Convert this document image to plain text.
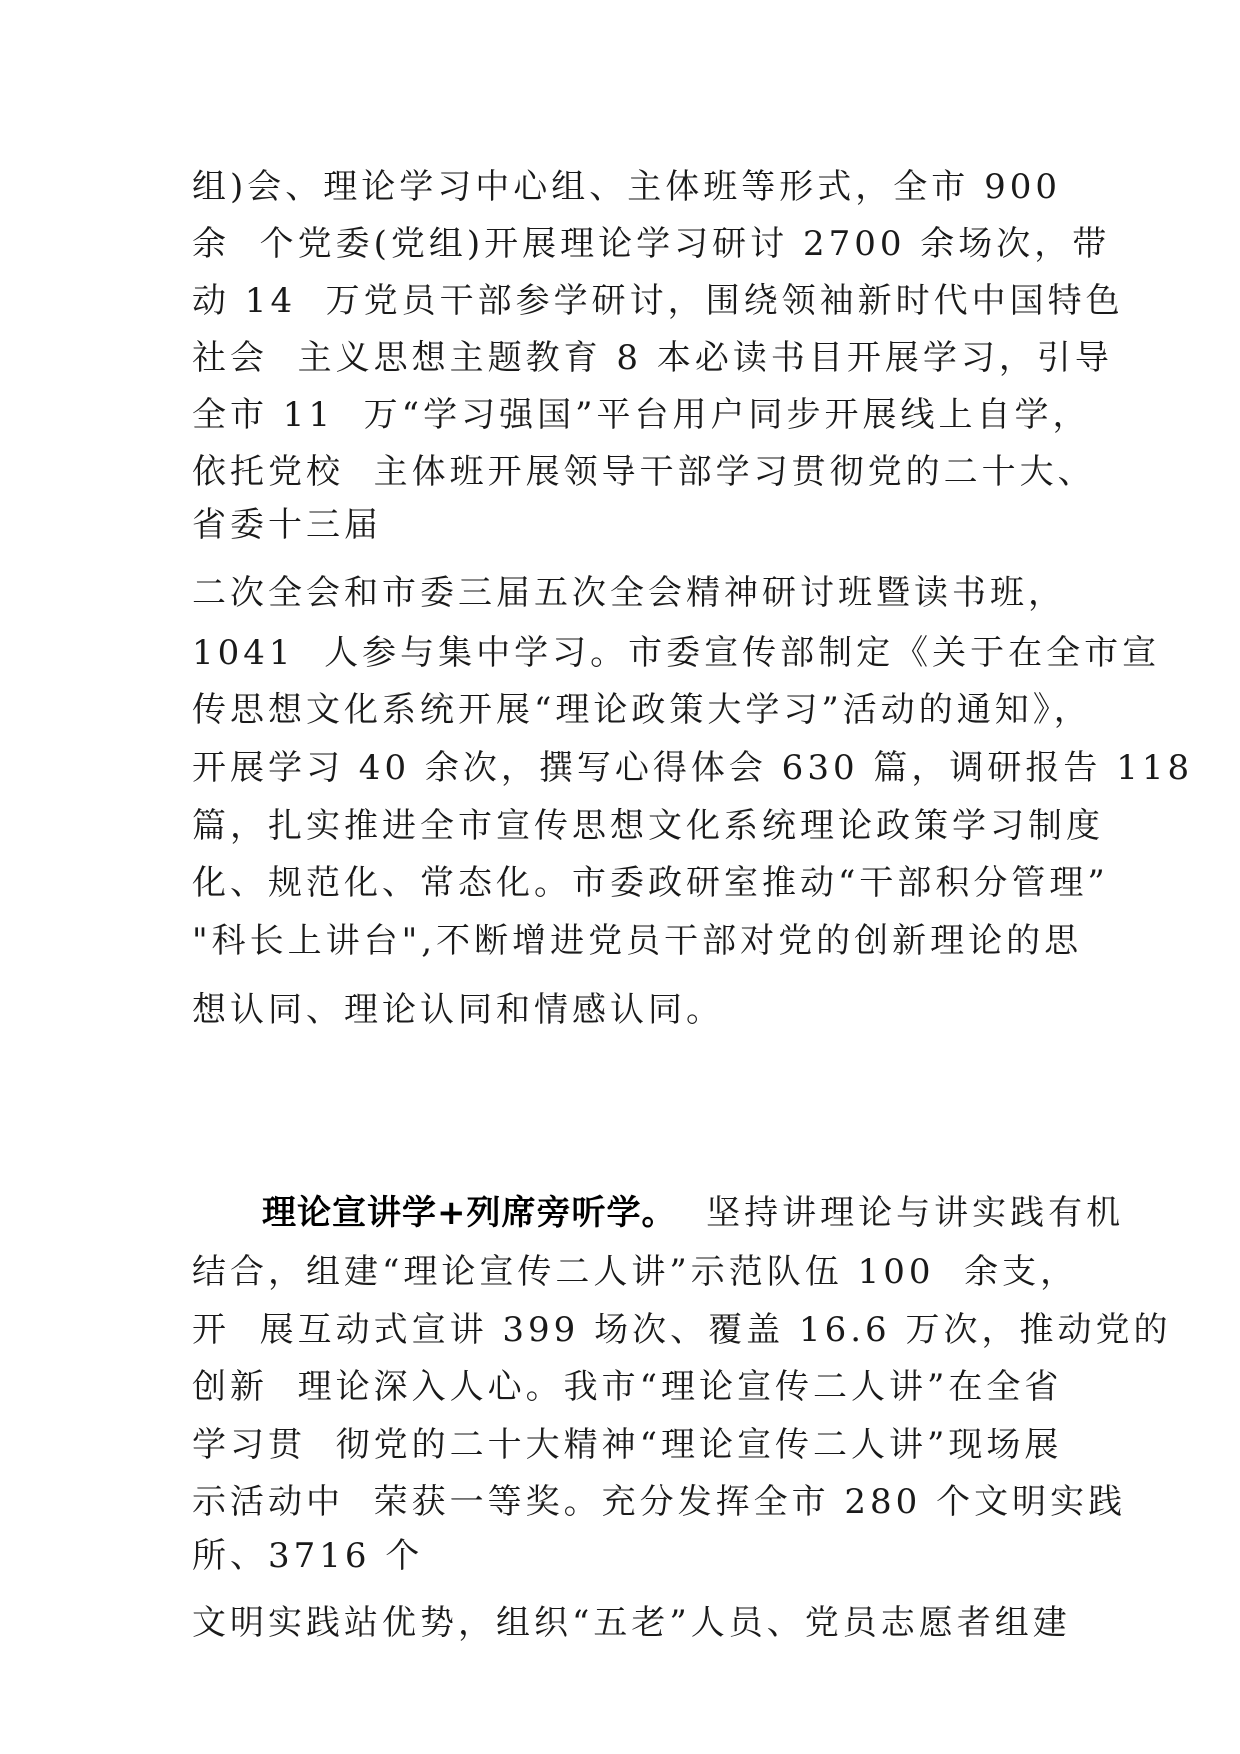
组)会、理论学习中心组、主体班等形式，全市 900
余  个党委(党组)开展理论学习研讨 2700 余场次，带
动 14  万党员干部参学研讨，围绕领袖新时代中国特色
社会  主义思想主题教育 8 本必读书目开展学习，引导
全市 11  万“学习强国”平台用户同步开展线上自学，
依托党校  主体班开展领导干部学习贯彻党的二十大、
省委十三届
二次全会和市委三届五次全会精神研讨班暨读书班，
1041  人参与集中学习。市委宣传部制定《关于在全市宣
传思想文化系统开展“理论政策大学习”活动的通知》，
开展学习 40 余次，撰写心得体会 630 篇，调研报告 118
篇，扎实推进全市宣传思想文化系统理论政策学习制度
化、规范化、常态化。市委政研室推动“干部积分管理”
"科长上讲台",不断增进党员干部对党的创新理论的思
想认同、理论认同和情感认同。
理论宣讲学+列席旁听学。  坚持讲理论与讲实践有机
结合，组建“理论宣传二人讲”示范队伍 100  余支，
开  展互动式宣讲 399 场次、覆盖 16.6 万次，推动党的
创新  理论深入人心。我市“理论宣传二人讲”在全省
学习贯  彻党的二十大精神“理论宣传二人讲”现场展
示活动中  荣获一等奖。充分发挥全市 280 个文明实践
所、3716 个
文明实践站优势，组织“五老”人员、党员志愿者组建
